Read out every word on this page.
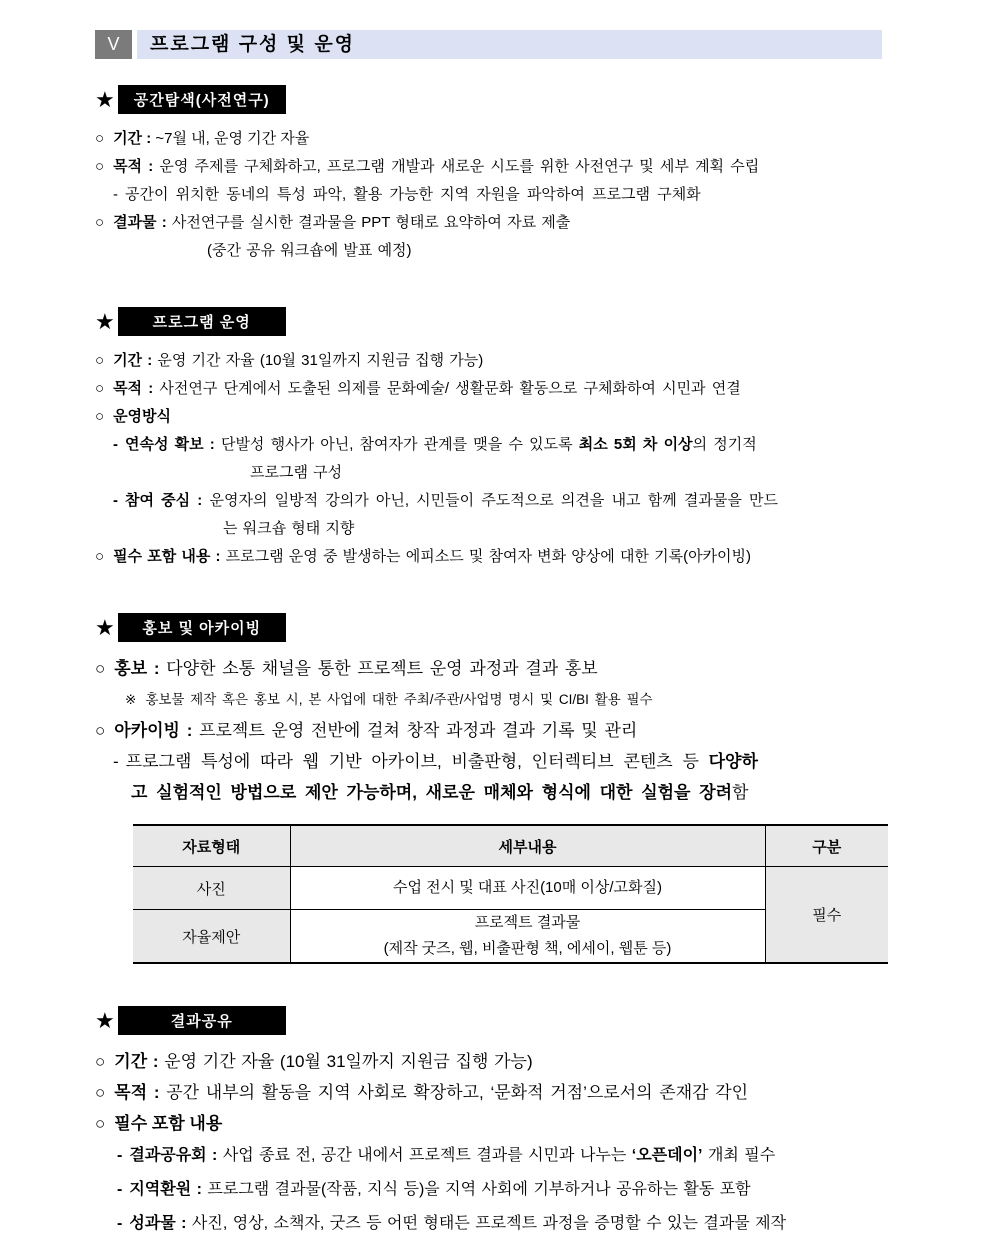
V	프로그램 구성 및 운영
★	공간탐색(사전연구)
○ 기간 : ~7월 내, 운영 기간 자율
○ 목적 : 운영 주제를 구체화하고, 프로그램 개발과 새로운 시도를 위한 사전연구 및 세부 계획 수립
- 공간이 위치한 동네의 특성 파악, 활용 가능한 지역 자원을 파악하여 프로그램 구체화
○ 결과물 : 사전연구를 실시한 결과물을 PPT 형태로 요약하여 자료 제출
(중간 공유 워크숍에 발표 예정)
★	프로그램 운영
○ 기간 : 운영 기간 자율 (10월 31일까지 지원금 집행 가능)
○ 목적 : 사전연구 단계에서 도출된 의제를 문화예술/ 생활문화 활동으로 구체화하여 시민과 연결
○ 운영방식
- 연속성 확보 : 단발성 행사가 아닌, 참여자가 관계를 맺을 수 있도록 최소 5회 차 이상의 정기적
프로그램 구성
- 참여 중심 : 운영자의 일방적 강의가 아닌, 시민들이 주도적으로 의견을 내고 함께 결과물을 만드
는 워크숍 형태 지향
○ 필수 포함 내용 : 프로그램 운영 중 발생하는 에피소드 및 참여자 변화 양상에 대한 기록(아카이빙)
★	홍보 및 아카이빙
○ 홍보 : 다양한 소통 채널을 통한 프로젝트 운영 과정과 결과 홍보
※ 홍보물 제작 혹은 홍보 시, 본 사업에 대한 주최/주관/사업명 명시 및 CI/BI 활용 필수
○ 아카이빙 : 프로젝트 운영 전반에 걸쳐 창작 과정과 결과 기록 및 관리
- 프로그램 특성에 따라 웹 기반 아카이브, 비출판형, 인터렉티브 콘텐츠 등 다양하
고 실험적인 방법으로 제안 가능하며, 새로운 매체와 형식에 대한 실험을 장려함
자료형태	세부내용	구분
사진	수업 전시 및 대표 사진(10매 이상/고화질)	필수
자율제안	프로젝트 결과물
(제작 굿즈, 웹, 비출판형 책, 에세이, 웹툰 등)	
★	결과공유
○ 기간 : 운영 기간 자율 (10월 31일까지 지원금 집행 가능)
○ 목적 : 공간 내부의 활동을 지역 사회로 확장하고, ‘문화적 거점’으로서의 존재감 각인
○ 필수 포함 내용
- 결과공유회 : 사업 종료 전, 공간 내에서 프로젝트 결과를 시민과 나누는 ‘오픈데이’ 개최 필수
- 지역환원 : 프로그램 결과물(작품, 지식 등)을 지역 사회에 기부하거나 공유하는 활동 포함
- 성과물 : 사진, 영상, 소책자, 굿즈 등 어떤 형태든 프로젝트 과정을 증명할 수 있는 결과물 제작
